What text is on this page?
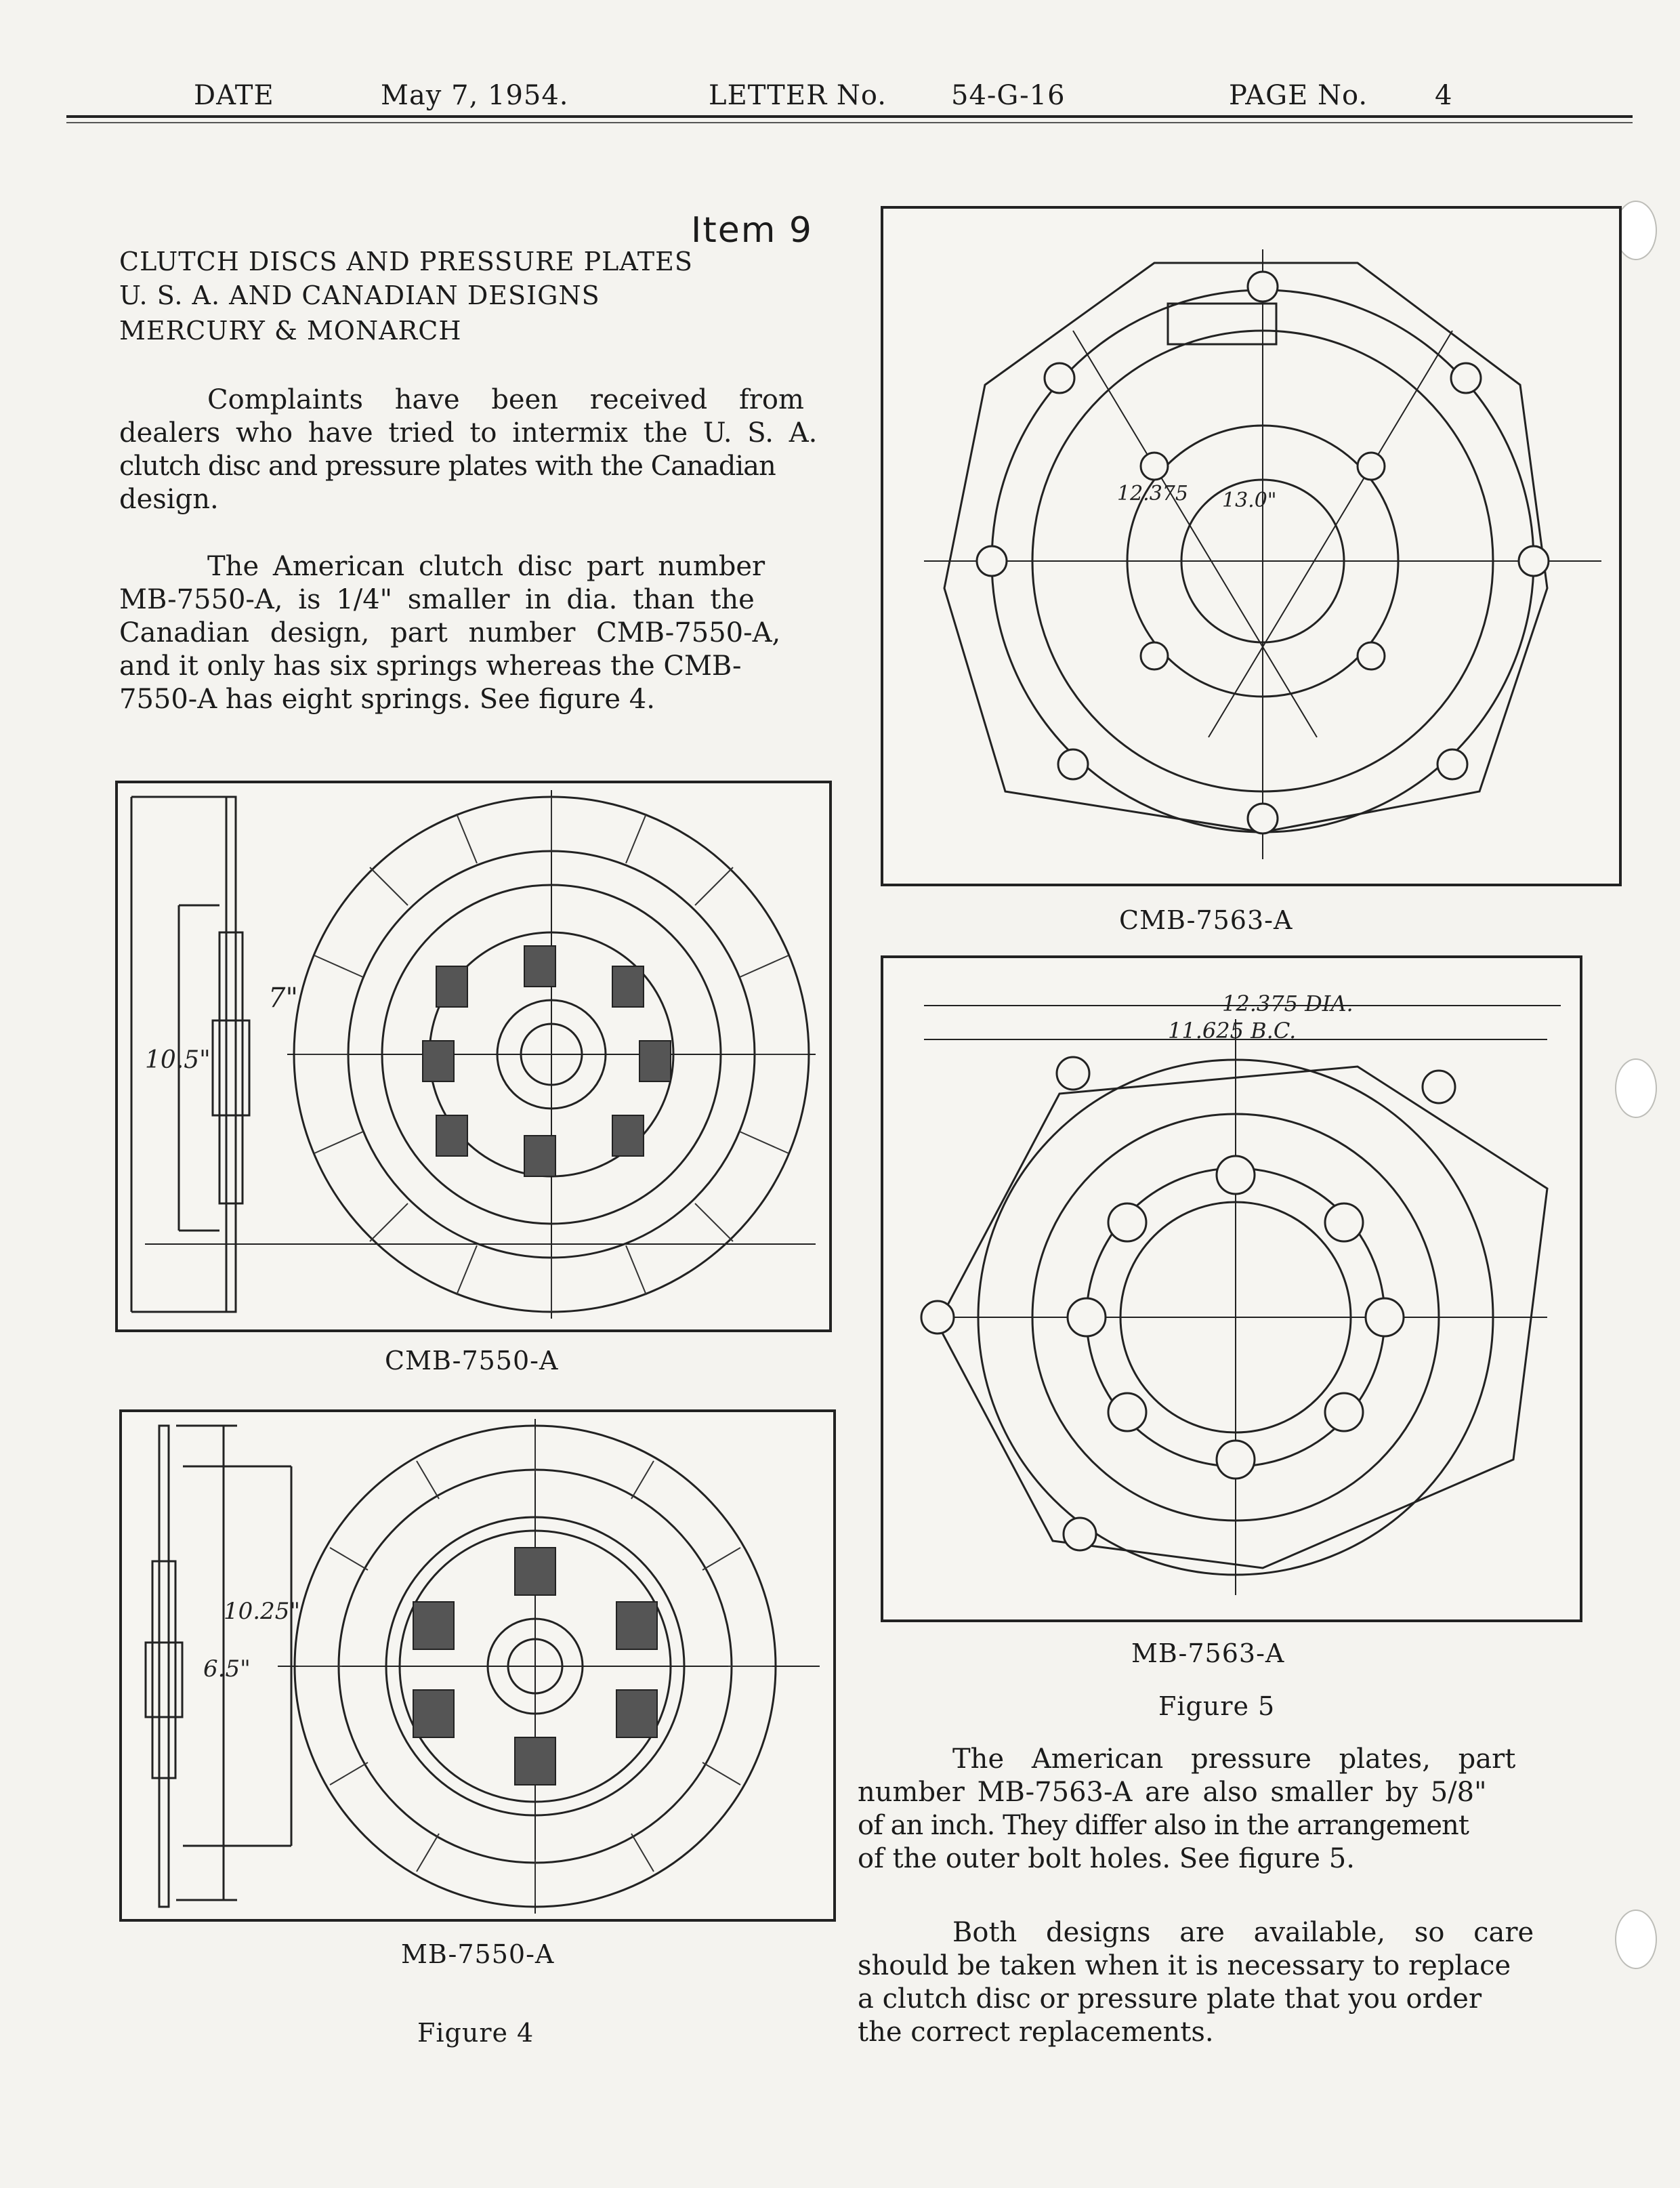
DATE	May 7, 1954.	LETTER No. 54-G-16	PAGE No. 4
Item 9
CLUTCH DISCS AND PRESSURE PLATES
U. S. A. AND CANADIAN DESIGNS
MERCURY & MONARCH
Complaints have been received from
dealers who have tried to intermix the U. S. A.
clutch disc and pressure plates with the Canadian
design.
The American clutch disc part number
MB-7550-A, is 1/4" smaller in dia. than the
Canadian design, part number CMB-7550-A,
and it only has six springs whereas the CMB-
7550-A has eight springs. See figure 4.
7"
10.5"
CMB-7550-A
10.25"
6.5"
MB-7550-A
Figure 4
12.375 13.0"
CMB-7563-A
12.375 DIA.
11.625 B.C.
MB-7563-A
Figure 5
The American pressure plates, part
number MB-7563-A are also smaller by 5/8"
of an inch. They differ also in the arrangement
of the outer bolt holes. See figure 5.
Both designs are available, so care
should be taken when it is necessary to replace
a clutch disc or pressure plate that you order
the correct replacements.
